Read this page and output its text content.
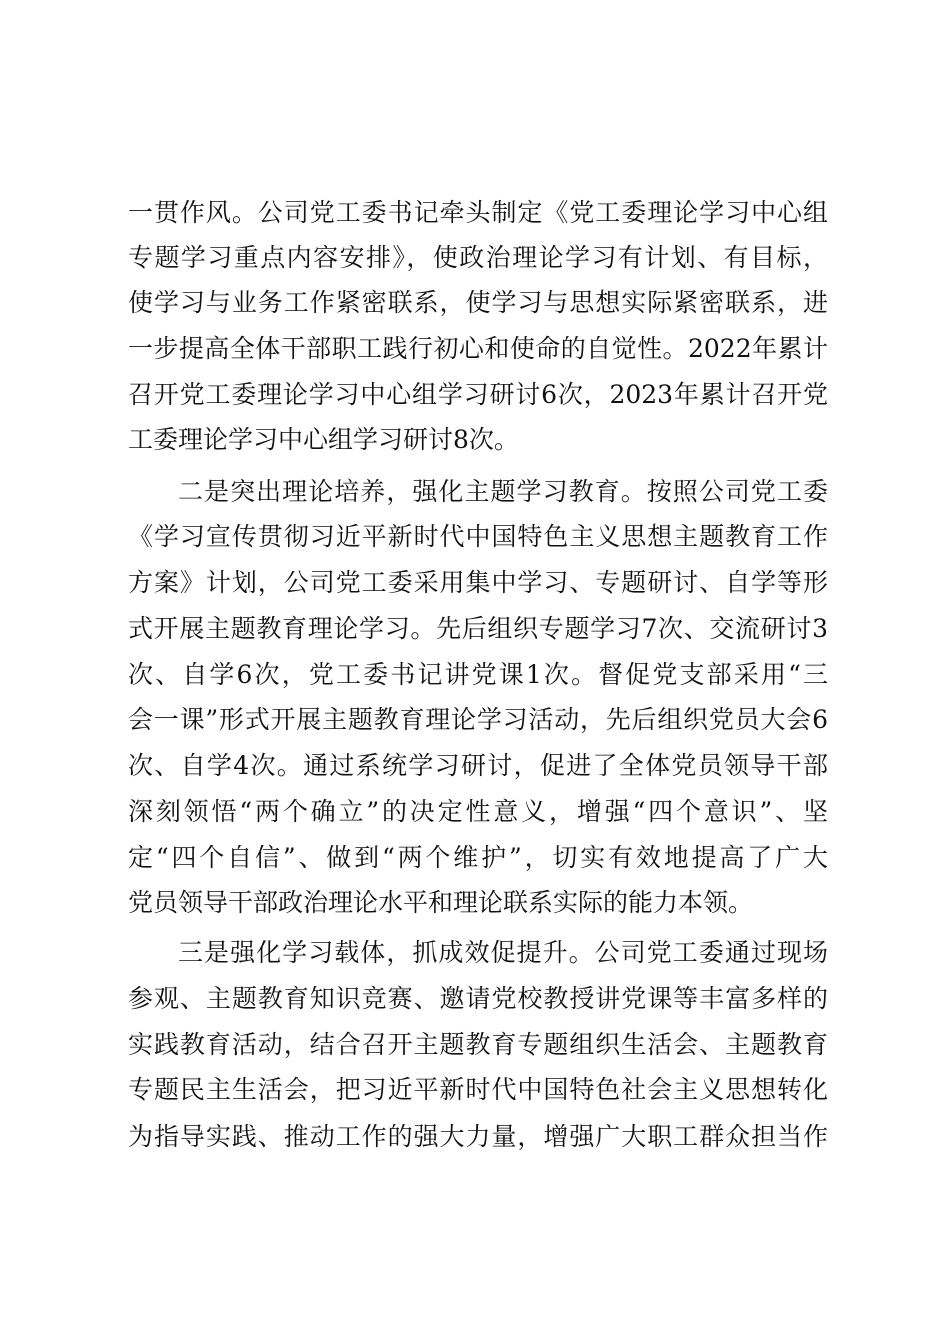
一贯作风。公司党工委书记牵头制定《党工委理论学习中心组
专题学习重点内容安排》，使政治理论学习有计划、有目标，
使学习与业务工作紧密联系，使学习与思想实际紧密联系，进
一步提高全体干部职工践行初心和使命的自觉性。2022年累计
召开党工委理论学习中心组学习研讨6次，2023年累计召开党
工委理论学习中心组学习研讨8次。
二是突出理论培养，强化主题学习教育。按照公司党工委
《学习宣传贯彻习近平新时代中国特色主义思想主题教育工作
方案》计划，公司党工委采用集中学习、专题研讨、自学等形
式开展主题教育理论学习。先后组织专题学习7次、交流研讨3
次、自学6次，党工委书记讲党课1次。督促党支部采用“三
会一课”形式开展主题教育理论学习活动，先后组织党员大会6
次、自学4次。通过系统学习研讨，促进了全体党员领导干部
深刻领悟“两个确立”的决定性意义，增强“四个意识”、坚
定“四个自信”、做到“两个维护”，切实有效地提高了广大
党员领导干部政治理论水平和理论联系实际的能力本领。
三是强化学习载体，抓成效促提升。公司党工委通过现场
参观、主题教育知识竞赛、邀请党校教授讲党课等丰富多样的
实践教育活动，结合召开主题教育专题组织生活会、主题教育
专题民主生活会，把习近平新时代中国特色社会主义思想转化
为指导实践、推动工作的强大力量，增强广大职工群众担当作
